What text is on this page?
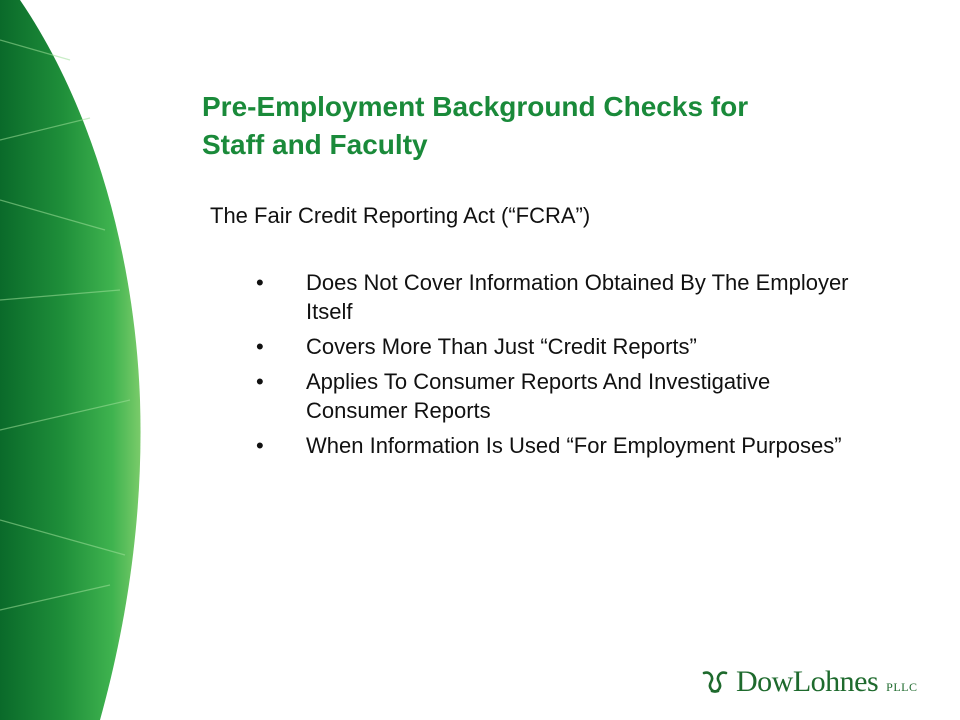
Pre-Employment Background Checks for
Staff and Faculty
The Fair Credit Reporting Act (“FCRA”)
•	Does Not Cover Information Obtained By The Employer Itself
•	Covers More Than Just “Credit Reports”
•	Applies To Consumer Reports And Investigative Consumer Reports
•	When Information Is Used “For Employment Purposes”
DowLohnes PLLC
